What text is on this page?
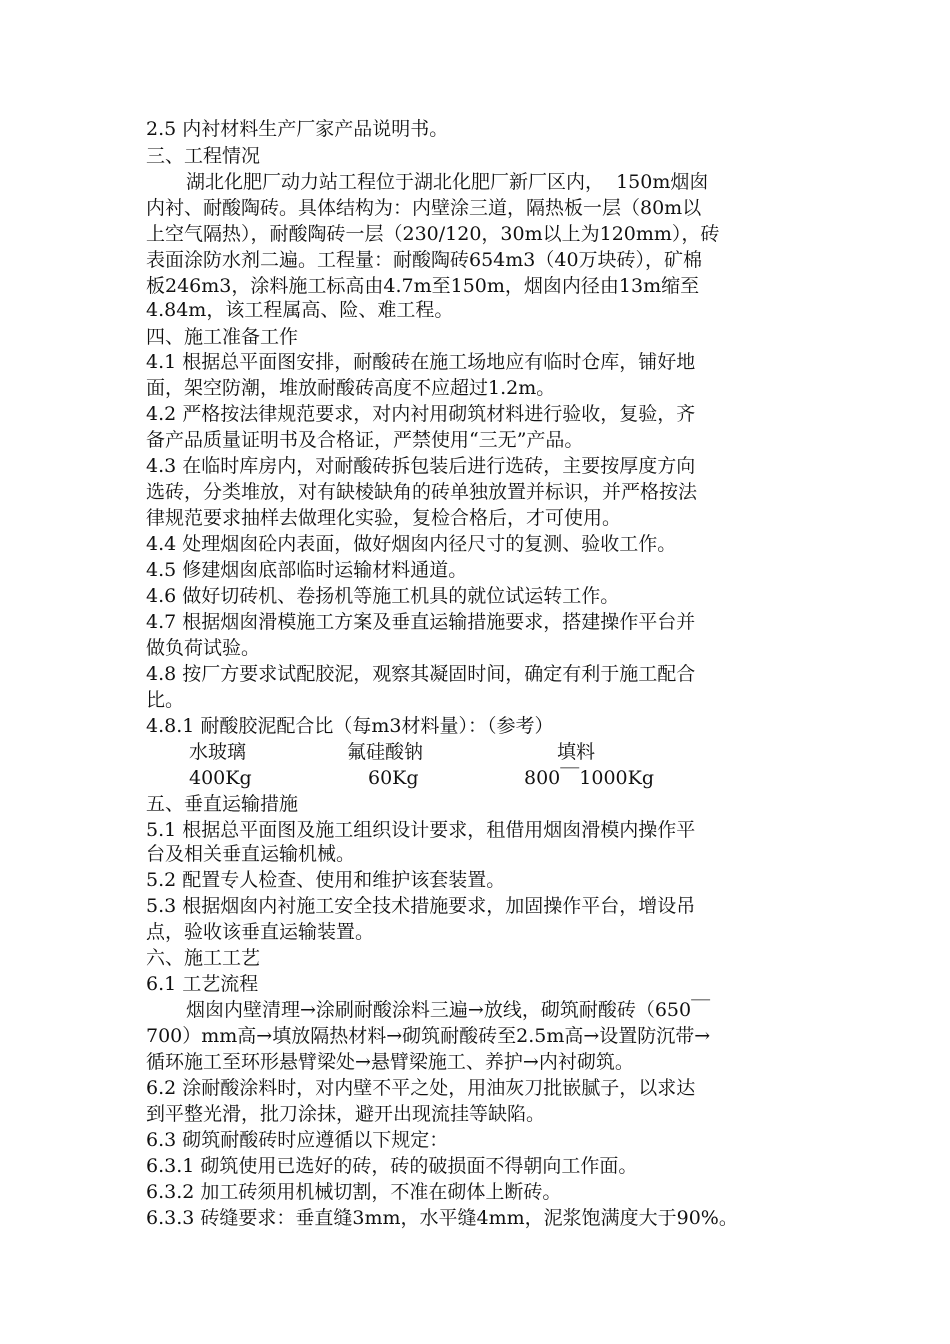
2.5 内衬材料生产厂家产品说明书。
三、工程情况
湖北化肥厂动力站工程位于湖北化肥厂新厂区内，  150m烟囱
内衬、耐酸陶砖。具体结构为：内壁涂三道，隔热板一层（80m以
上空气隔热），耐酸陶砖一层（230/120，30m以上为120mm），砖
表面涂防水剂二遍。工程量：耐酸陶砖654m3（40万块砖），矿棉
板246m3，涂料施工标高由4.7m至150m，烟囱内径由13m缩至
4.84m，该工程属高、险、难工程。
四、施工准备工作
4.1 根据总平面图安排，耐酸砖在施工场地应有临时仓库，铺好地
面，架空防潮，堆放耐酸砖高度不应超过1.2m。
4.2 严格按法律规范要求，对内衬用砌筑材料进行验收，复验，齐
备产品质量证明书及合格证，严禁使用“三无”产品。
4.3 在临时库房内，对耐酸砖拆包装后进行选砖，主要按厚度方向
选砖，分类堆放，对有缺棱缺角的砖单独放置并标识，并严格按法
律规范要求抽样去做理化实验，复检合格后，才可使用。
4.4 处理烟囱砼内表面，做好烟囱内径尺寸的复测、验收工作。
4.5 修建烟囱底部临时运输材料通道。
4.6 做好切砖机、卷扬机等施工机具的就位试运转工作。
4.7 根据烟囱滑模施工方案及垂直运输措施要求，搭建操作平台并
做负荷试验。
4.8 按厂方要求试配胶泥，观察其凝固时间，确定有利于施工配合
比。
4.8.1 耐酸胶泥配合比（每m3材料量）：（参考）
水玻璃	氟硅酸钠	填料
400Kg	60Kg	800￣1000Kg
五、垂直运输措施
5.1 根据总平面图及施工组织设计要求，租借用烟囱滑模内操作平
台及相关垂直运输机械。
5.2 配置专人检查、使用和维护该套装置。
5.3 根据烟囱内衬施工安全技术措施要求，加固操作平台，增设吊
点，验收该垂直运输装置。
六、施工工艺
6.1 工艺流程
烟囱内壁清理→涂刷耐酸涂料三遍→放线，砌筑耐酸砖（650￣
700）mm高→填放隔热材料→砌筑耐酸砖至2.5m高→设置防沉带→
循环施工至环形悬臂梁处→悬臂梁施工、养护→内衬砌筑。
6.2 涂耐酸涂料时，对内壁不平之处，用油灰刀批嵌腻子，以求达
到平整光滑，批刀涂抹，避开出现流挂等缺陷。
6.3 砌筑耐酸砖时应遵循以下规定：
6.3.1 砌筑使用已选好的砖，砖的破损面不得朝向工作面。
6.3.2 加工砖须用机械切割，不准在砌体上断砖。
6.3.3 砖缝要求：垂直缝3mm，水平缝4mm，泥浆饱满度大于90%。
